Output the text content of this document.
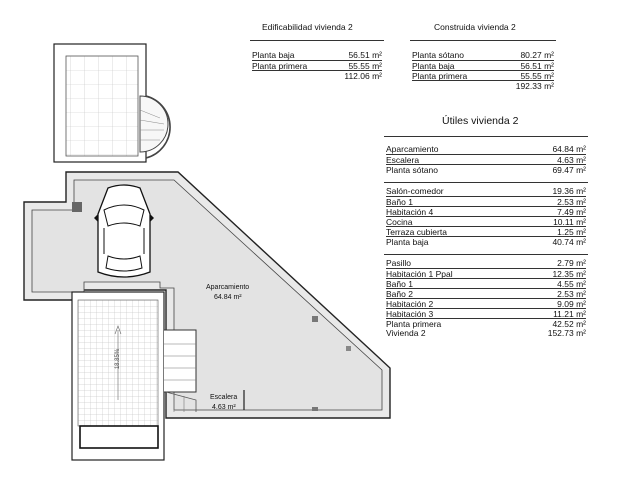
Aparcamiento
64.84 m²
Escalera
4.63 m²
18.85%
Edificabilidad vivienda 2
Planta baja	56.51 m²
Planta primera	55.55 m²
112.06 m²
Construida vivienda 2
Planta sótano	80.27 m²
Planta baja	56.51 m²
Planta primera	55.55 m²
192.33 m²
Útiles vivienda 2
Aparcamiento	64.84 m²
Escalera	4.63 m²
Planta sótano	69.47 m²
Salón-comedor	19.36 m²
Baño 1	2.53 m²
Habitación 4	7.49 m²
Cocina	10.11 m²
Terraza cubierta	1.25 m²
Planta baja	40.74 m²
Pasillo	2.79 m²
Habitación 1 Ppal	12.35 m²
Baño 1	4.55 m²
Baño 2	2.53 m²
Habitación 2	9.09 m²
Habitación 3	11.21 m²
Planta primera	42.52 m²
Vivienda 2	152.73 m²
